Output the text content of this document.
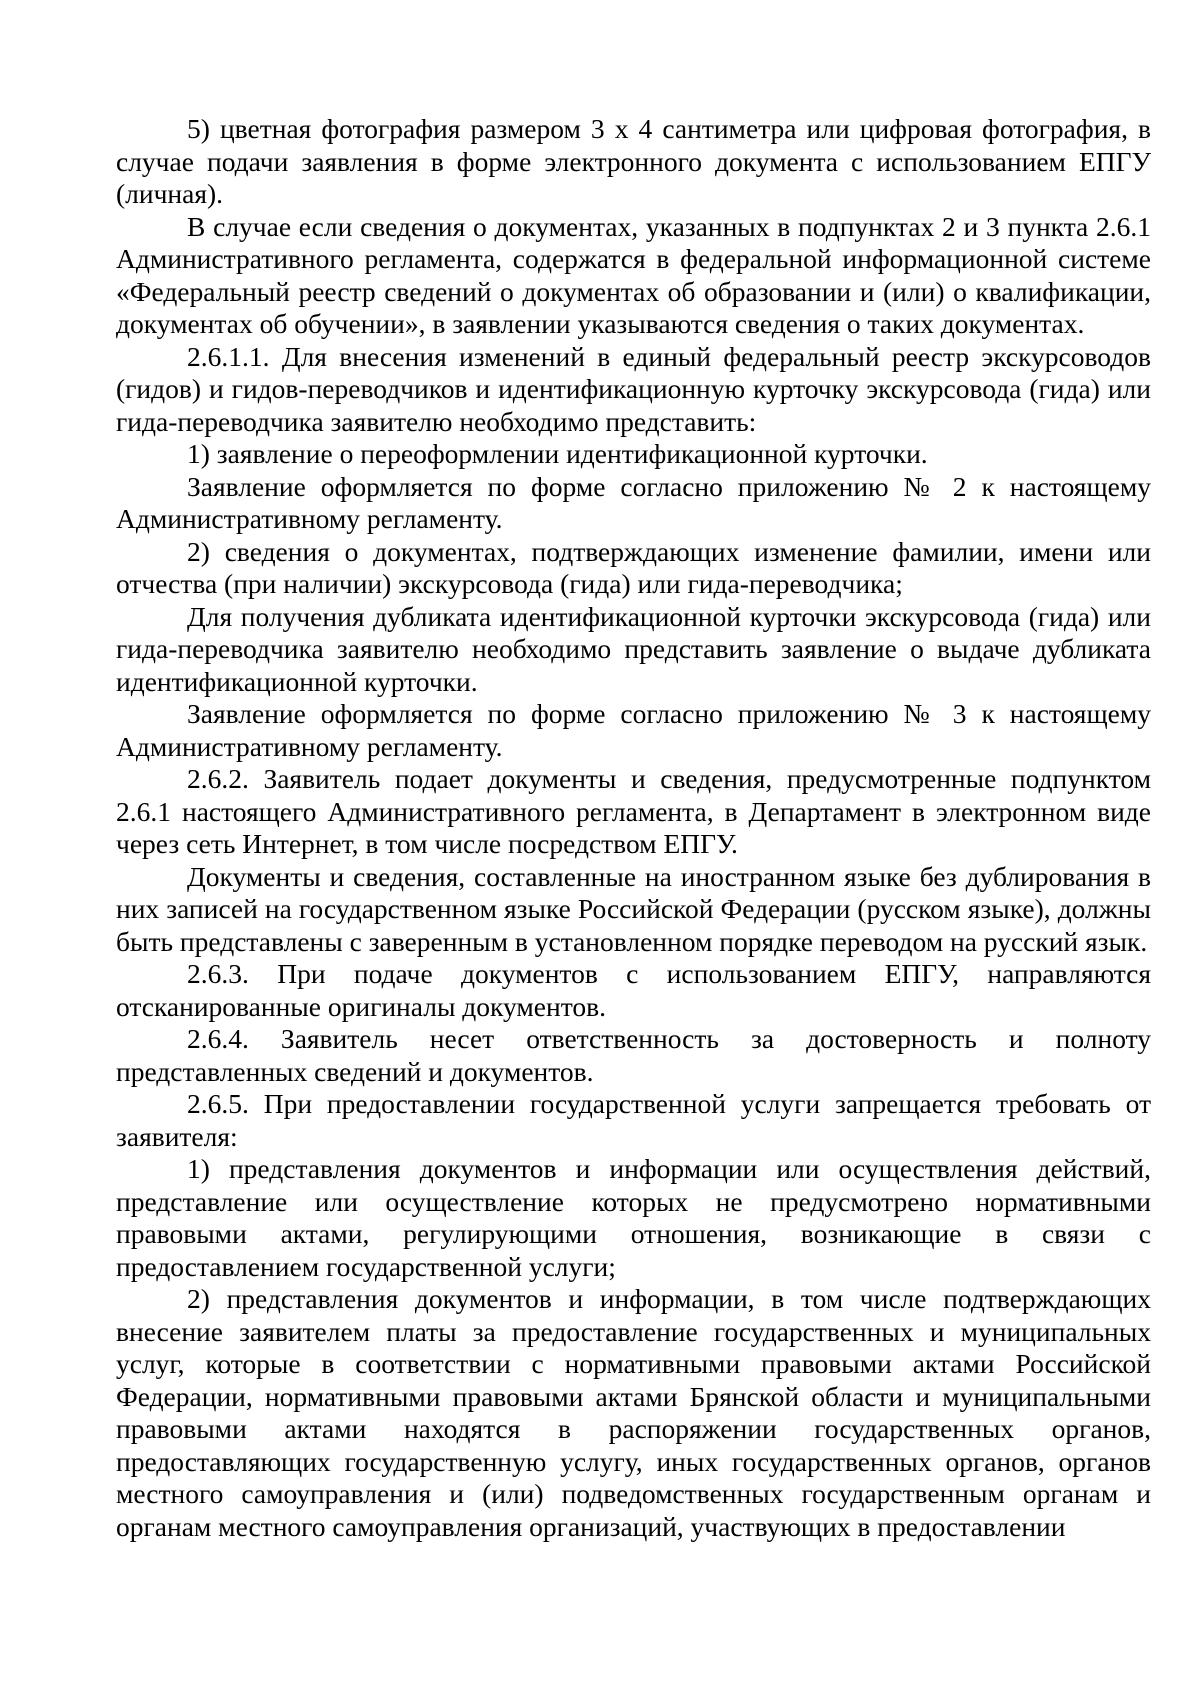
5) цветная фотография размером 3 х 4 сантиметра или цифровая фотография, в случае подачи заявления в форме электронного документа с использованием ЕПГУ (личная).

В случае если сведения о документах, указанных в подпунктах 2 и 3 пункта 2.6.1 Административного регламента, содержатся в федеральной информационной системе «Федеральный реестр сведений о документах об образовании и (или) о квалификации, документах об обучении», в заявлении указываются сведения о таких документах.

2.6.1.1. Для внесения изменений в единый федеральный реестр экскурсоводов (гидов) и гидов-переводчиков и идентификационную курточку экскурсовода (гида) или гида-переводчика заявителю необходимо представить:

1) заявление о переоформлении идентификационной курточки.

Заявление оформляется по форме согласно приложению № 2 к настоящему Административному регламенту.

2) сведения о документах, подтверждающих изменение фамилии, имени или отчества (при наличии) экскурсовода (гида) или гида-переводчика;

Для получения дубликата идентификационной курточки экскурсовода (гида) или гида-переводчика заявителю необходимо представить заявление о выдаче дубликата идентификационной курточки.

Заявление оформляется по форме согласно приложению № 3 к настоящему Административному регламенту.

2.6.2. Заявитель подает документы и сведения, предусмотренные подпунктом 2.6.1 настоящего Административного регламента, в Департамент в электронном виде через сеть Интернет, в том числе посредством ЕПГУ.

Документы и сведения, составленные на иностранном языке без дублирования в них записей на государственном языке Российской Федерации (русском языке), должны быть представлены с заверенным в установленном порядке переводом на русский язык.

2.6.3. При подаче документов с использованием ЕПГУ, направляются отсканированные оригиналы документов.

2.6.4. Заявитель несет ответственность за достоверность и полноту представленных сведений и документов.

2.6.5. При предоставлении государственной услуги запрещается требовать от заявителя:

1) представления документов и информации или осуществления действий, представление или осуществление которых не предусмотрено нормативными правовыми актами, регулирующими отношения, возникающие в связи с предоставлением государственной услуги;

2) представления документов и информации, в том числе подтверждающих внесение заявителем платы за предоставление государственных и муниципальных услуг, которые в соответствии с нормативными правовыми актами Российской Федерации, нормативными правовыми актами Брянской области и муниципальными правовыми актами находятся в распоряжении государственных органов, предоставляющих государственную услугу, иных государственных органов, органов местного самоуправления и (или) подведомственных государственным органам и органам местного самоуправления организаций, участвующих в предоставлении
